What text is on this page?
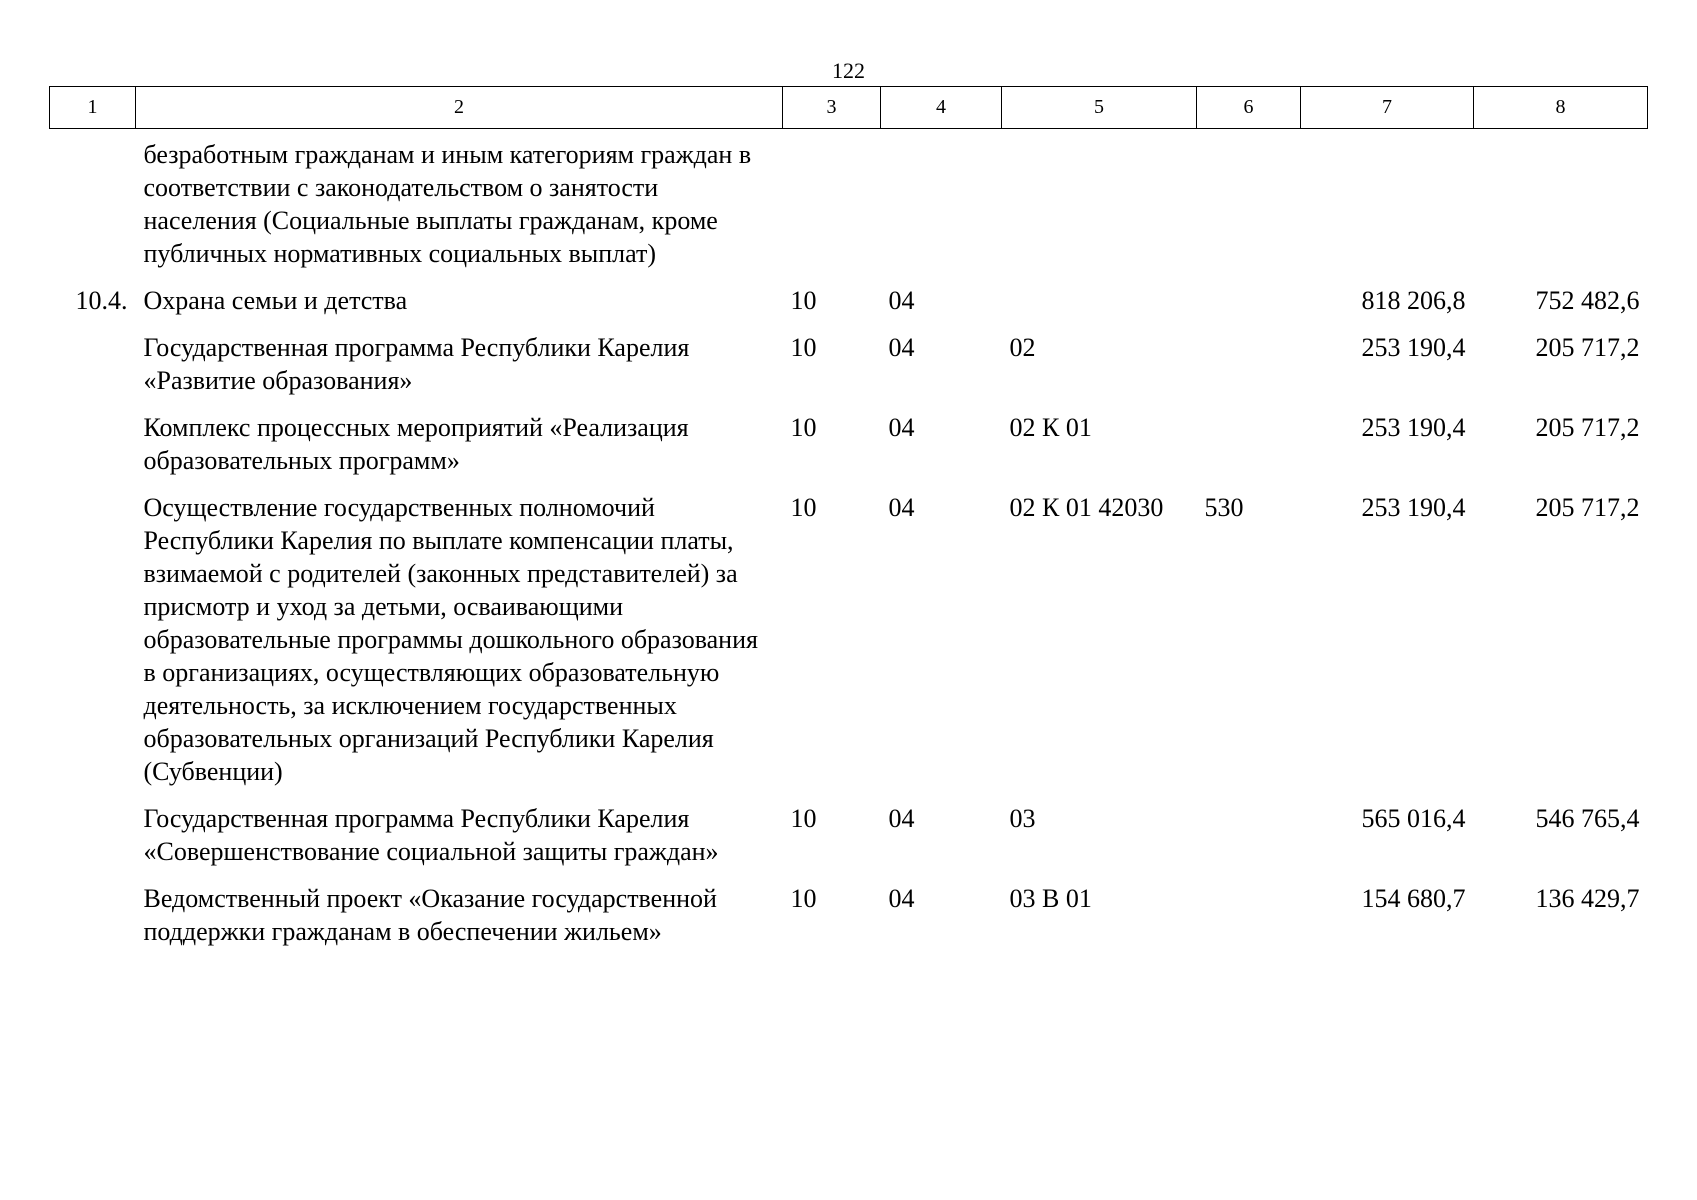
122
1	2	3	4	5	6	7	8
	безработным гражданам и иным категориям граждан в соответствии с законодательством о занятости населения (Социальные выплаты гражданам, кроме публичных нормативных социальных выплат)						
10.4.	Охрана семьи и детства	10	04			818 206,8	752 482,6
	Государственная программа Республики Карелия «Развитие образования»	10	04	02		253 190,4	205 717,2
	Комплекс процессных мероприятий «Реализация образовательных программ»	10	04	02 К 01		253 190,4	205 717,2
	Осуществление государственных полномочий Республики Карелия по выплате компенсации платы, взимаемой с родителей (законных представителей) за присмотр и уход за детьми, осваивающими образовательные программы дошкольного образования в организациях, осуществляющих образовательную деятельность, за исключением государственных образовательных организаций Республики Карелия (Субвенции)	10	04	02 К 01 42030	530	253 190,4	205 717,2
	Государственная программа Республики Карелия «Совершенствование социальной защиты граждан»	10	04	03		565 016,4	546 765,4
	Ведомственный проект «Оказание государственной поддержки гражданам в обеспечении жильем»	10	04	03 В 01		154 680,7	136 429,7
